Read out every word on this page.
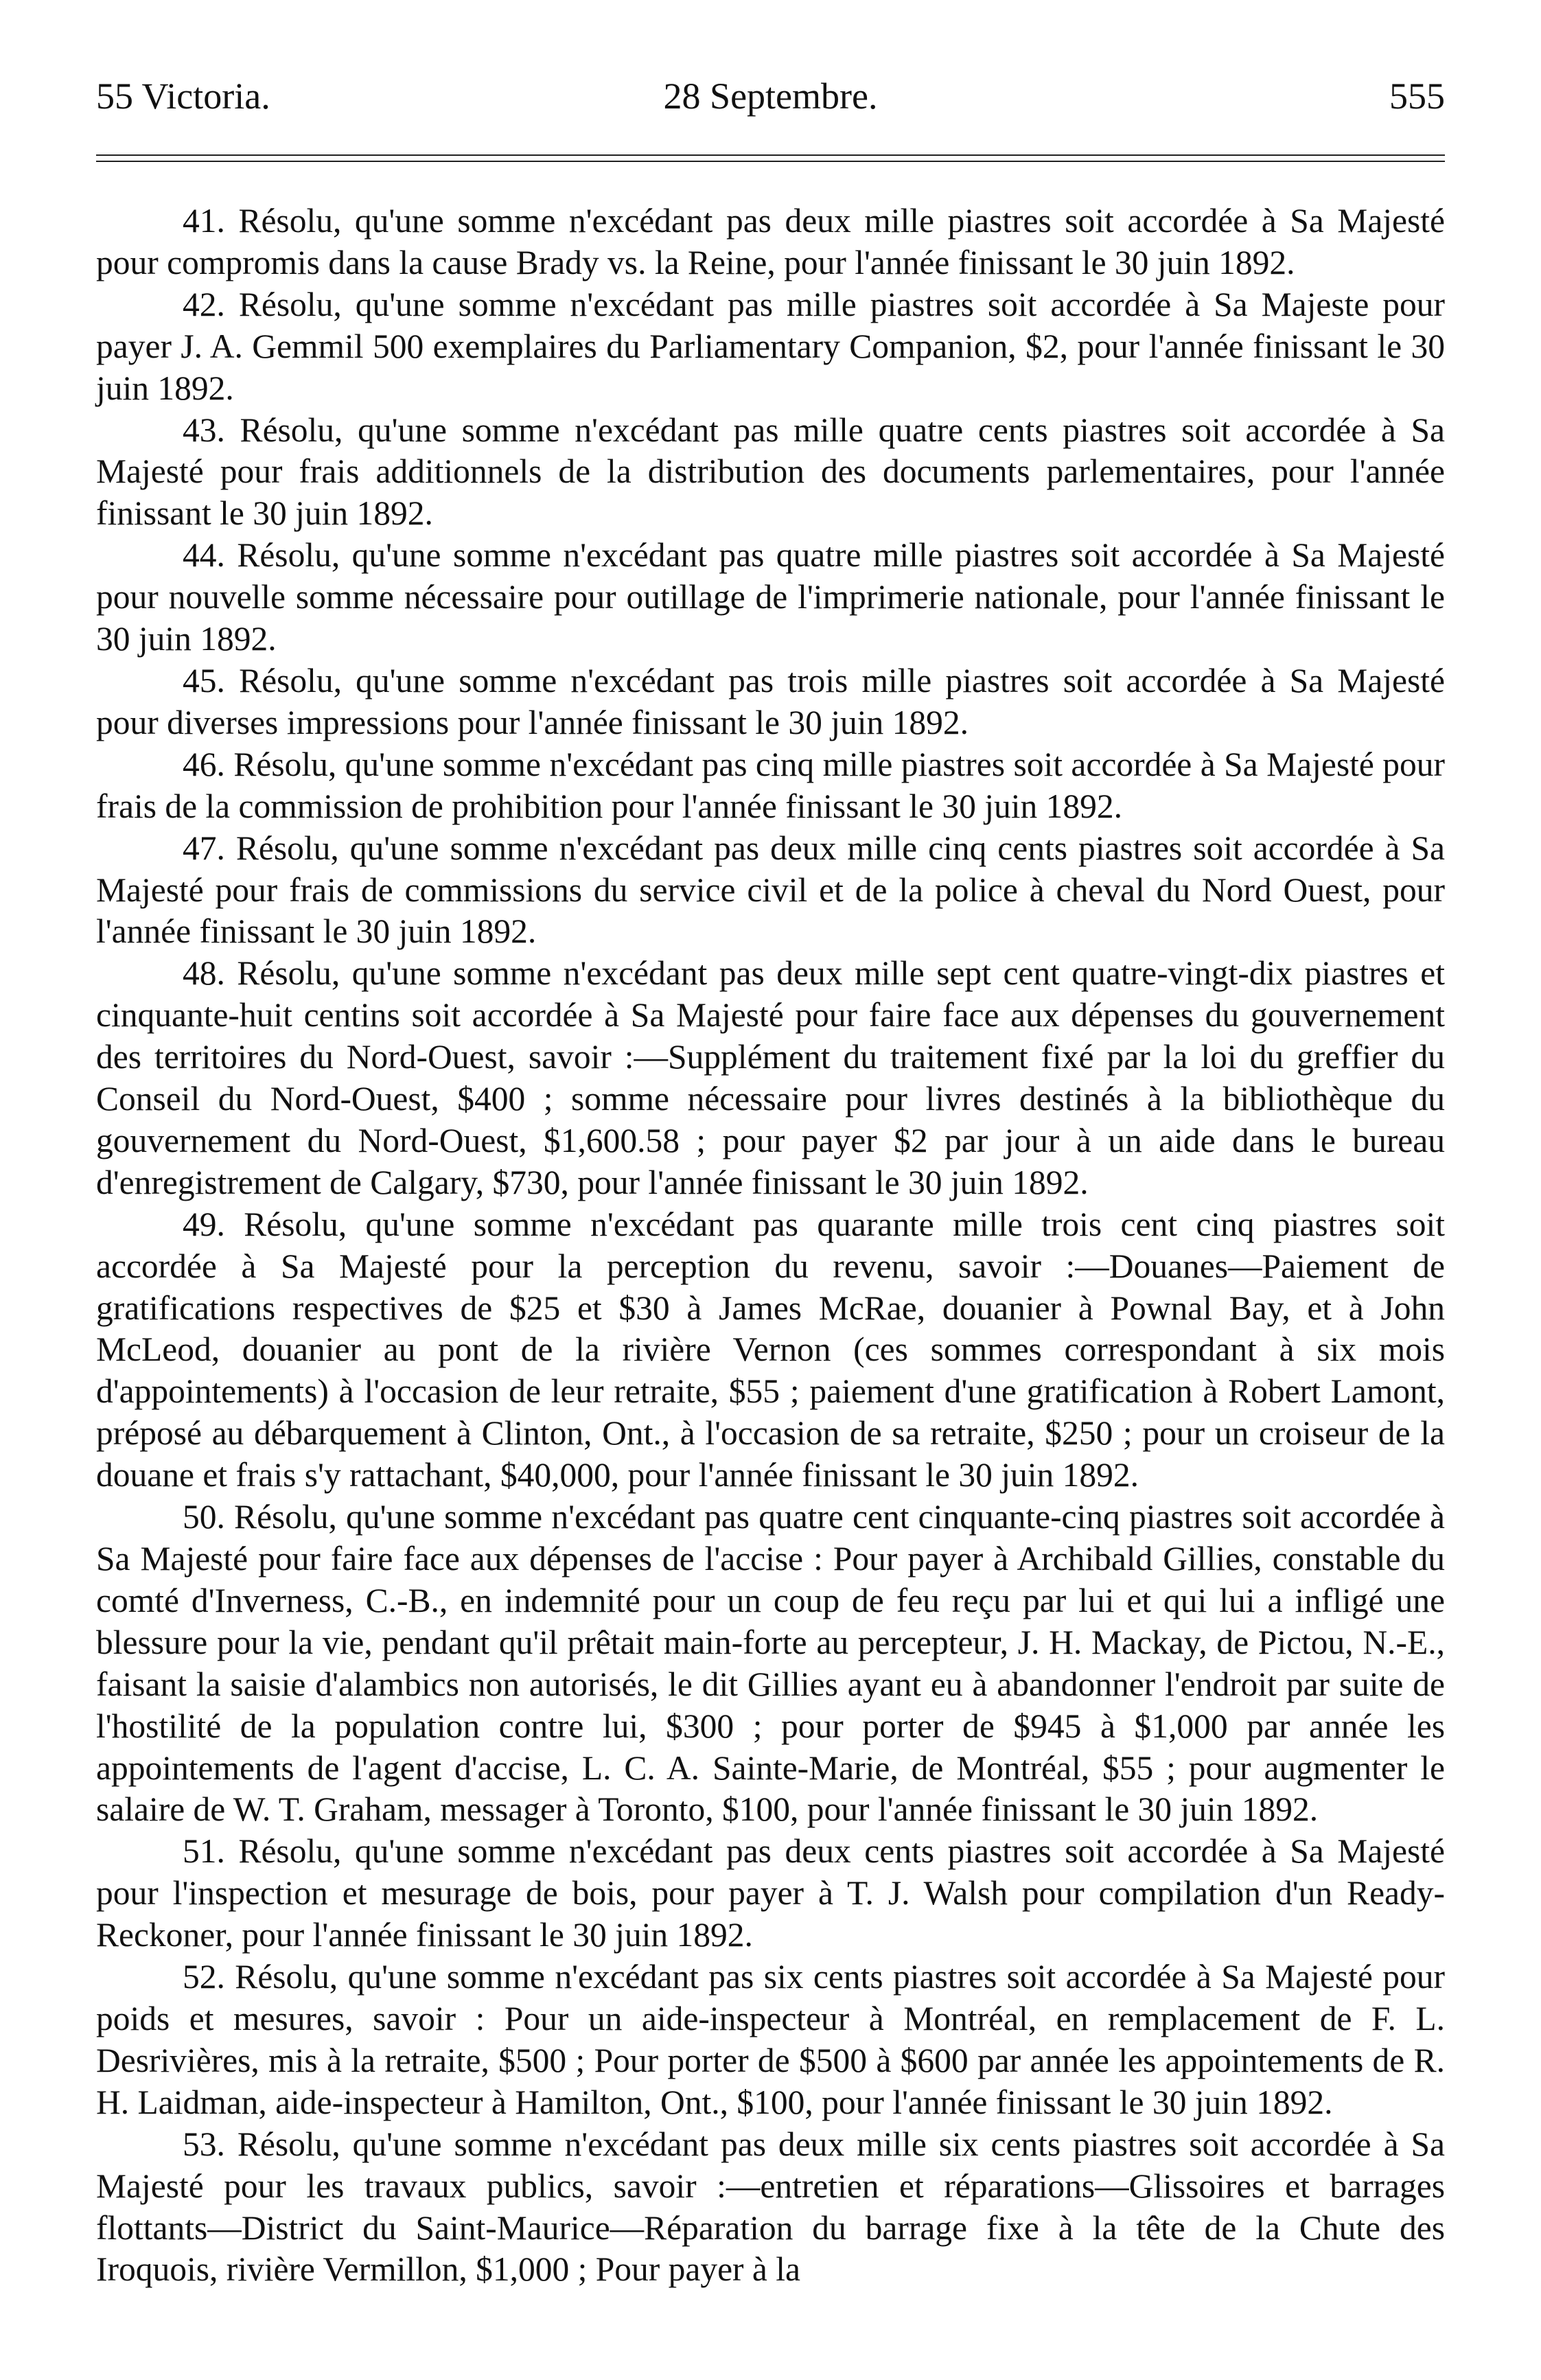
55 Victoria.	28 Septembre.	555

41. Résolu, qu'une somme n'excédant pas deux mille piastres soit accordée à Sa Majesté pour compromis dans la cause Brady vs. la Reine, pour l'année finissant le 30 juin 1892.

42. Résolu, qu'une somme n'excédant pas mille piastres soit accordée à Sa Majeste pour payer J. A. Gemmil 500 exemplaires du Parliamentary Companion, $2, pour l'année finissant le 30 juin 1892.

43. Résolu, qu'une somme n'excédant pas mille quatre cents piastres soit accordée à Sa Majesté pour frais additionnels de la distribution des documents parlementaires, pour l'année finissant le 30 juin 1892.

44. Résolu, qu'une somme n'excédant pas quatre mille piastres soit accordée à Sa Majesté pour nouvelle somme nécessaire pour outillage de l'imprimerie nationale, pour l'année finissant le 30 juin 1892.

45. Résolu, qu'une somme n'excédant pas trois mille piastres soit accordée à Sa Majesté pour diverses impressions pour l'année finissant le 30 juin 1892.

46. Résolu, qu'une somme n'excédant pas cinq mille piastres soit accordée à Sa Majesté pour frais de la commission de prohibition pour l'année finissant le 30 juin 1892.

47. Résolu, qu'une somme n'excédant pas deux mille cinq cents piastres soit accordée à Sa Majesté pour frais de commissions du service civil et de la police à cheval du Nord Ouest, pour l'année finissant le 30 juin 1892.

48. Résolu, qu'une somme n'excédant pas deux mille sept cent quatre-vingt-dix piastres et cinquante-huit centins soit accordée à Sa Majesté pour faire face aux dépenses du gouvernement des territoires du Nord-Ouest, savoir :—Supplément du traitement fixé par la loi du greffier du Conseil du Nord-Ouest, $400 ; somme nécessaire pour livres destinés à la bibliothèque du gouvernement du Nord-Ouest, $1,600.58 ; pour payer $2 par jour à un aide dans le bureau d'enregistrement de Calgary, $730, pour l'année finissant le 30 juin 1892.

49. Résolu, qu'une somme n'excédant pas quarante mille trois cent cinq piastres soit accordée à Sa Majesté pour la perception du revenu, savoir :—Douanes—Paiement de gratifications respectives de $25 et $30 à James McRae, douanier à Pownal Bay, et à John McLeod, douanier au pont de la rivière Vernon (ces sommes correspondant à six mois d'appointements) à l'occasion de leur retraite, $55 ; paiement d'une gratification à Robert Lamont, préposé au débarquement à Clinton, Ont., à l'occasion de sa retraite, $250 ; pour un croiseur de la douane et frais s'y rattachant, $40,000, pour l'année finissant le 30 juin 1892.

50. Résolu, qu'une somme n'excédant pas quatre cent cinquante-cinq piastres soit accordée à Sa Majesté pour faire face aux dépenses de l'accise : Pour payer à Archibald Gillies, constable du comté d'Inverness, C.-B., en indemnité pour un coup de feu reçu par lui et qui lui a infligé une blessure pour la vie, pendant qu'il prêtait main-forte au percepteur, J. H. Mackay, de Pictou, N.-E., faisant la saisie d'alambics non autorisés, le dit Gillies ayant eu à abandonner l'endroit par suite de l'hostilité de la population contre lui, $300 ; pour porter de $945 à $1,000 par année les appointements de l'agent d'accise, L. C. A. Sainte-Marie, de Montréal, $55 ; pour augmenter le salaire de W. T. Graham, messager à Toronto, $100, pour l'année finissant le 30 juin 1892.

51. Résolu, qu'une somme n'excédant pas deux cents piastres soit accordée à Sa Majesté pour l'inspection et mesurage de bois, pour payer à T. J. Walsh pour compilation d'un Ready-Reckoner, pour l'année finissant le 30 juin 1892.

52. Résolu, qu'une somme n'excédant pas six cents piastres soit accordée à Sa Majesté pour poids et mesures, savoir : Pour un aide-inspecteur à Montréal, en remplacement de F. L. Desrivières, mis à la retraite, $500 ; Pour porter de $500 à $600 par année les appointements de R. H. Laidman, aide-inspecteur à Hamilton, Ont., $100, pour l'année finissant le 30 juin 1892.

53. Résolu, qu'une somme n'excédant pas deux mille six cents piastres soit accordée à Sa Majesté pour les travaux publics, savoir :—entretien et réparations—Glissoires et barrages flottants—District du Saint-Maurice—Réparation du barrage fixe à la tête de la Chute des Iroquois, rivière Vermillon, $1,000 ; Pour payer à la
